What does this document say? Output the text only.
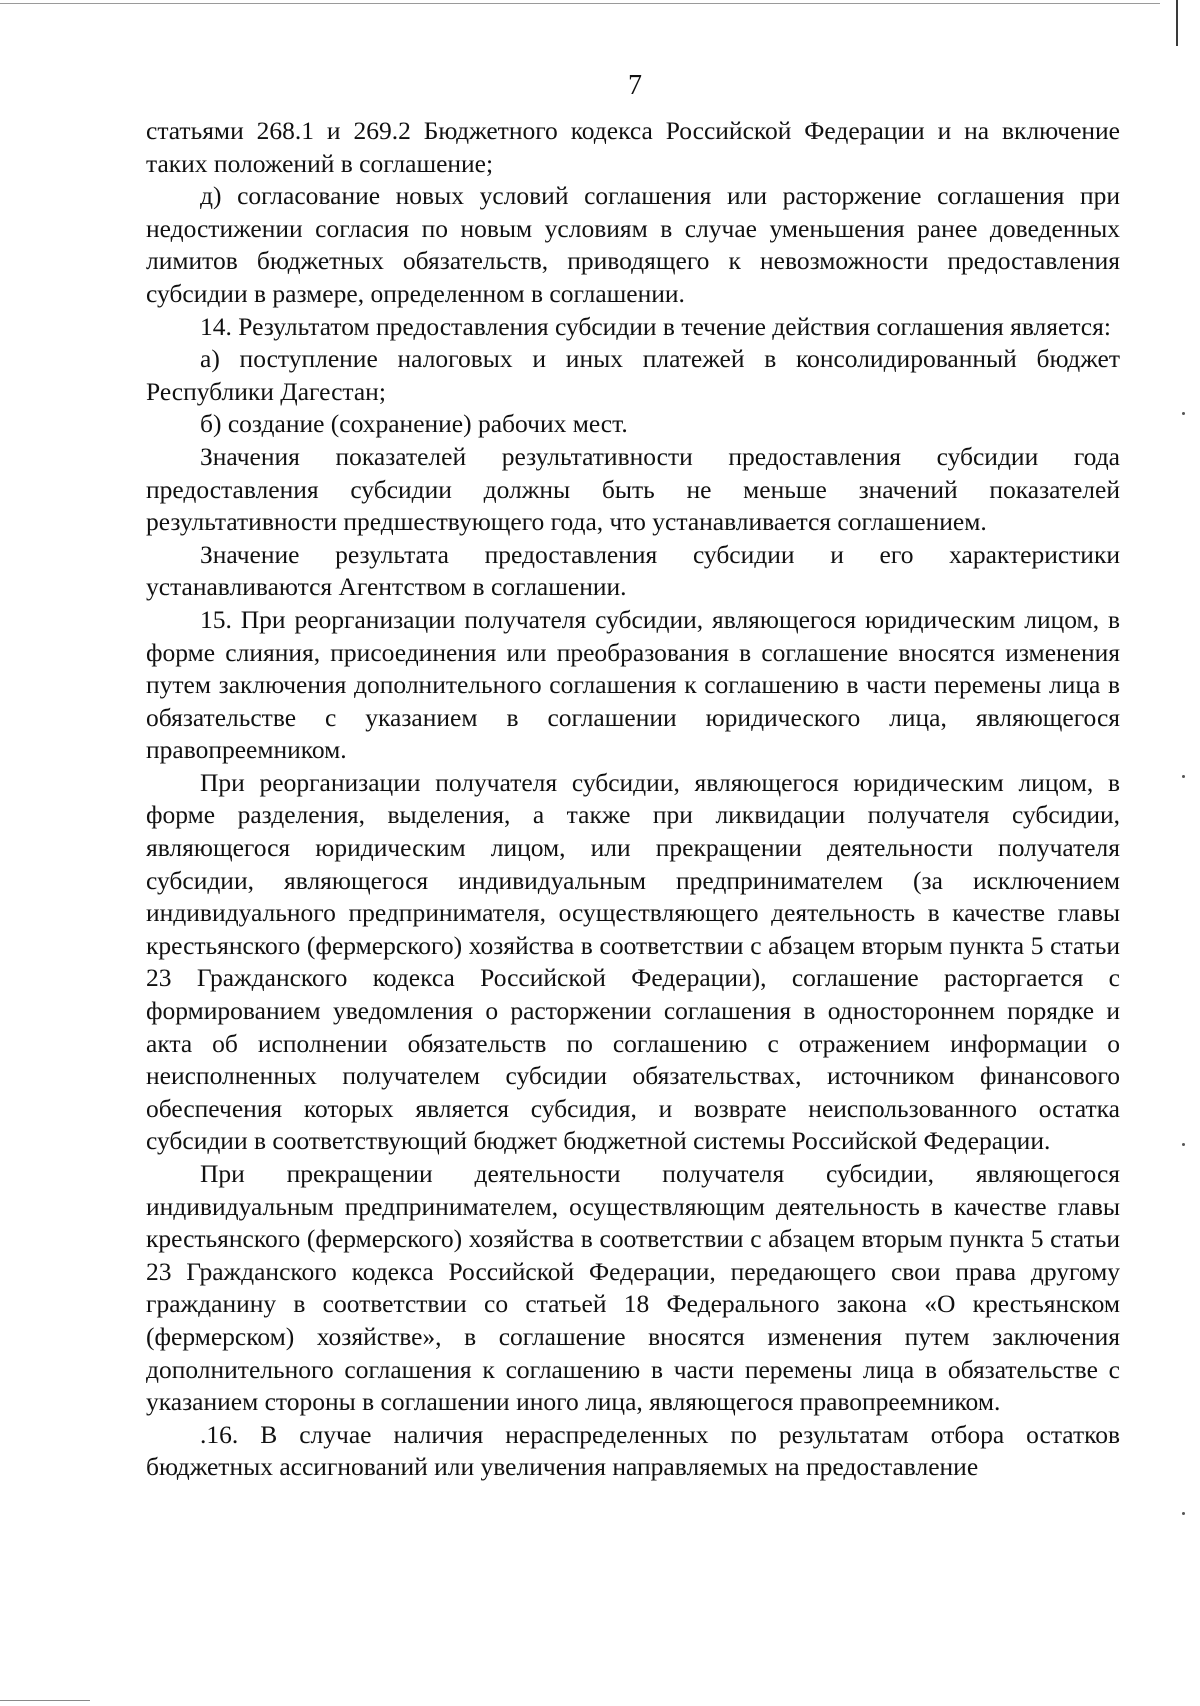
7

статьями 268.1 и 269.2 Бюджетного кодекса Российской Федерации и на включение таких положений в соглашение;

д) согласование новых условий соглашения или расторжение соглашения при недостижении согласия по новым условиям в случае уменьшения ранее доведенных лимитов бюджетных обязательств, приводящего к невозможности предоставления субсидии в размере, определенном в соглашении.

14. Результатом предоставления субсидии в течение действия соглашения является:

а) поступление налоговых и иных платежей в консолидированный бюджет Республики Дагестан;

б) создание (сохранение) рабочих мест.

Значения показателей результативности предоставления субсидии года предоставления субсидии должны быть не меньше значений показателей результативности предшествующего года, что устанавливается соглашением.

Значение результата предоставления субсидии и его характеристики устанавливаются Агентством в соглашении.

15. При реорганизации получателя субсидии, являющегося юридическим лицом, в форме слияния, присоединения или преобразования в соглашение вносятся изменения путем заключения дополнительного соглашения к соглашению в части перемены лица в обязательстве с указанием в соглашении юридического лица, являющегося правопреемником.

При реорганизации получателя субсидии, являющегося юридическим лицом, в форме разделения, выделения, а также при ликвидации получателя субсидии, являющегося юридическим лицом, или прекращении деятельности получателя субсидии, являющегося индивидуальным предпринимателем (за исключением индивидуального предпринимателя, осуществляющего деятельность в качестве главы крестьянского (фермерского) хозяйства в соответствии с абзацем вторым пункта 5 статьи 23 Гражданского кодекса Российской Федерации), соглашение расторгается с формированием уведомления о расторжении соглашения в одностороннем порядке и акта об исполнении обязательств по соглашению с отражением информации о неисполненных получателем субсидии обязательствах, источником финансового обеспечения которых является субсидия, и возврате неиспользованного остатка субсидии в соответствующий бюджет бюджетной системы Российской Федерации.

При прекращении деятельности получателя субсидии, являющегося индивидуальным предпринимателем, осуществляющим деятельность в качестве главы крестьянского (фермерского) хозяйства в соответствии с абзацем вторым пункта 5 статьи 23 Гражданского кодекса Российской Федерации, передающего свои права другому гражданину в соответствии со статьей 18 Федерального закона «О крестьянском (фермерском) хозяйстве», в соглашение вносятся изменения путем заключения дополнительного соглашения к соглашению в части перемены лица в обязательстве с указанием стороны в соглашении иного лица, являющегося правопреемником.

.16. В случае наличия нераспределенных по результатам отбора остатков бюджетных ассигнований или увеличения направляемых на предоставление
